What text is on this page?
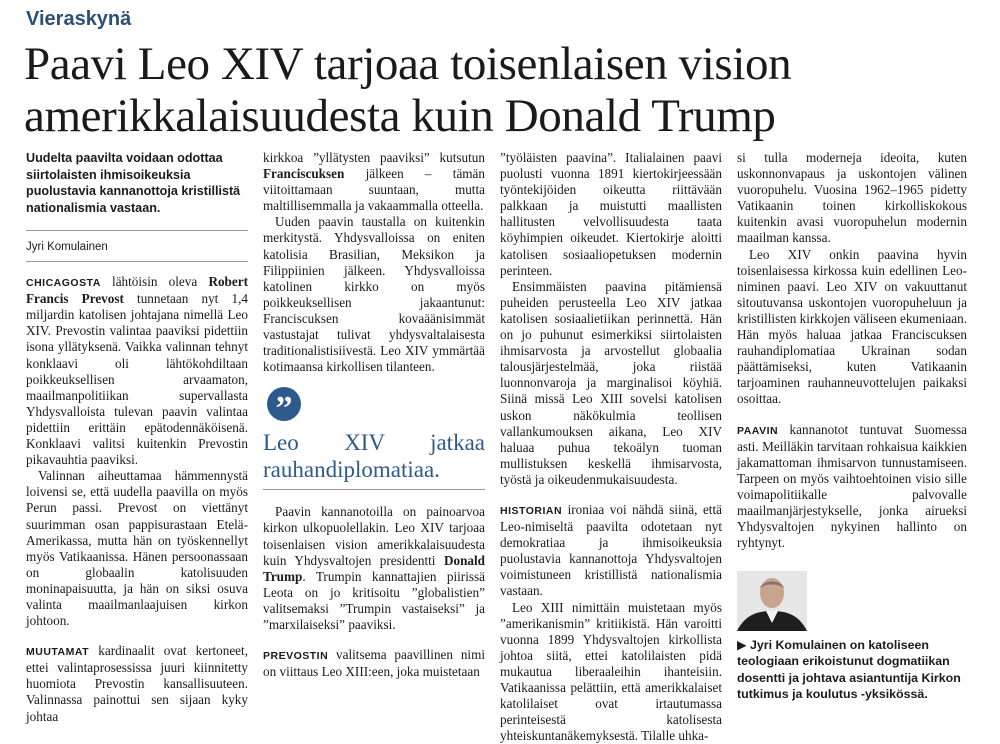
Vieraskynä
Paavi Leo XIV tarjoaa toisenlaisen vision amerikkalaisuudesta kuin Donald Trump
Uudelta paavilta voidaan odottaa siirtolaisten ihmisoikeuksia puolustavia kannanottoja kristillistä nationalismia vastaan.
Jyri Komulainen

CHICAGOSTA lähtöisin oleva Robert Francis Prevost tunnetaan nyt 1,4 miljardin katolisen johtajana nimellä Leo XIV. Prevostin valintaa paaviksi pidettiin isona yllätyksenä. Vaikka valinnan tehnyt konklaavi oli lähtökohdiltaan poikkeuksellisen arvaamaton, maailmanpolitiikan supervallasta Yhdysvalloista tulevan paavin valintaa pidettiin erittäin epätodennäköisenä. Konklaavi valitsi kuitenkin Prevostin pikavauhtia paaviksi.

Valinnan aiheuttamaa hämmennystä loivensi se, että uudella paavilla on myös Perun passi. Prevost on viettänyt suurimman osan pappisurastaan Etelä-Amerikassa, mutta hän on työskennellyt myös Vatikaanissa. Hänen persoonassaan on globaalin katolisuuden moninapaisuutta, ja hän on siksi osuva valinta maailmanlaajuisen kirkon johtoon.

MUUTAMAT kardinaalit ovat kertoneet, ettei valintaprosessissa juuri kiinnitetty huomiota Prevostin kansallisuuteen. Valinnassa painottui sen sijaan kyky johtaa

kirkkoa ”yllätysten paaviksi” kutsutun Franciscuksen jälkeen – tämän viitoittamaan suuntaan, mutta maltillisemmalla ja vakaammalla otteella.

Uuden paavin taustalla on kuitenkin merkitystä. Yhdysvalloissa on eniten katolisia Brasilian, Meksikon ja Filippiinien jälkeen. Yhdysvalloissa katolinen kirkko on myös poikkeuksellisen jakaantunut: Franciscuksen kovaäänisimmät vastustajat tulivat yhdysvaltalaisesta traditionalistisiivestä. Leo XIV ymmärtää kotimaansa kirkollisen tilanteen.

”
Leo XIV jatkaa rauhandiplomatiaa.

Paavin kannanotoilla on painoarvoa kirkon ulkopuolellakin. Leo XIV tarjoaa toisenlaisen vision amerikkalaisuudesta kuin Yhdysvaltojen presidentti Donald Trump. Trumpin kannattajien piirissä Leota on jo kritisoitu ”globalistien” valitsemaksi ”Trumpin vastaiseksi” ja ”marxilaiseksi” paaviksi.

PREVOSTIN valitsema paavillinen nimi on viittaus Leo XIII:een, joka muistetaan

”työläisten paavina”. Italialainen paavi puolusti vuonna 1891 kiertokirjeessään työntekijöiden oikeutta riittävään palkkaan ja muistutti maallisten hallitusten velvollisuudesta taata köyhimpien oikeudet. Kiertokirje aloitti katolisen sosiaaliopetuksen modernin perinteen.

Ensimmäisten paavina pitämiensä puheiden perusteella Leo XIV jatkaa katolisen sosiaalietiikan perinnettä. Hän on jo puhunut esimerkiksi siirtolaisten ihmisarvosta ja arvostellut globaalia talousjärjestelmää, joka riistää luonnonvaroja ja marginalisoi köyhiä. Siinä missä Leo XIII sovelsi katolisen uskon näkökulmia teollisen vallankumouksen aikana, Leo XIV haluaa puhua tekoälyn tuoman mullistuksen keskellä ihmisarvosta, työstä ja oikeudenmukaisuudesta.

HISTORIAN ironiaa voi nähdä siinä, että Leo-nimiseltä paavilta odotetaan nyt demokratiaa ja ihmisoikeuksia puolustavia kannanottoja Yhdysvaltojen voimistuneen kristillistä nationalismia vastaan.

Leo XIII nimittäin muistetaan myös ”amerikanismin” kritiikistä. Hän varoitti vuonna 1899 Yhdysvaltojen kirkollista johtoa siitä, ettei katolilaisten pidä mukautua liberaaleihin ihanteisiin. Vatikaanissa pelättiin, että amerikkalaiset katolilaiset ovat irtautumassa perinteisestä katolisesta yhteiskuntanäkemyksestä. Tilalle uhka-

si tulla moderneja ideoita, kuten uskonnonvapaus ja uskontojen välinen vuoropuhelu. Vuosina 1962–1965 pidetty Vatikaanin toinen kirkolliskokous kuitenkin avasi vuoropuhelun modernin maailman kanssa.

Leo XIV onkin paavina hyvin toisenlaisessa kirkossa kuin edellinen Leo-niminen paavi. Leo XIV on vakuuttanut sitoutuvansa uskontojen vuoropuheluun ja kristillisten kirkkojen väliseen ekumeniaan. Hän myös haluaa jatkaa Franciscuksen rauhandiplomatiaa Ukrainan sodan päättämiseksi, kuten Vatikaanin tarjoaminen rauhanneuvottelujen paikaksi osoittaa.

PAAVIN kannanotot tuntuvat Suomessa asti. Meilläkin tarvitaan rohkaisua kaikkien jakamattoman ihmisarvon tunnustamiseen. Tarpeen on myös vaihtoehtoinen visio sille voimapolitiikalle palvovalle maailmanjärjestykselle, jonka airueksi Yhdysvaltojen nykyinen hallinto on ryhtynyt.

▶ Jyri Komulainen on katoliseen teologiaan erikoistunut dogmatiikan dosentti ja johtava asiantuntija Kirkon tutkimus ja koulutus -yksikössä.
